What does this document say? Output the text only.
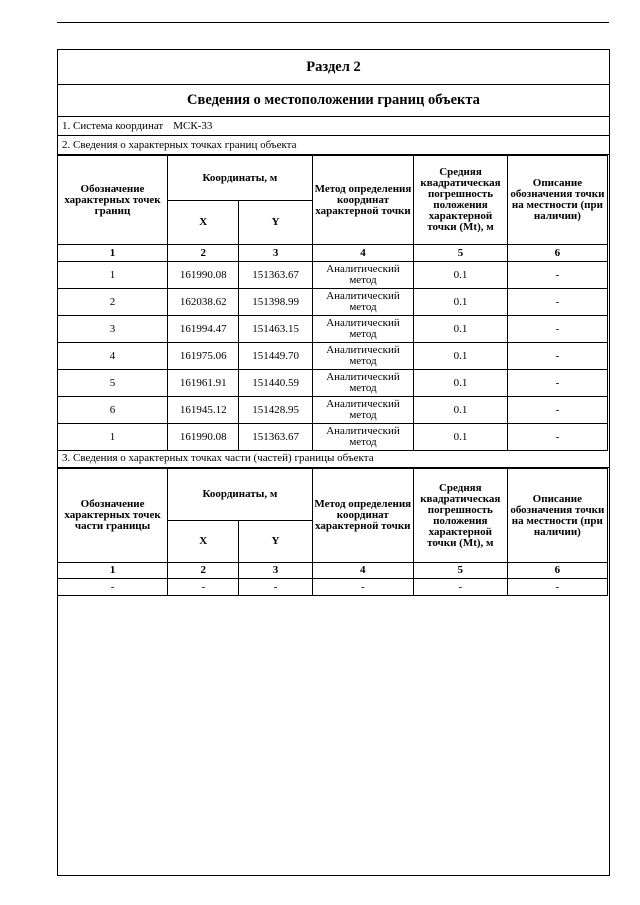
Раздел 2
Сведения о местоположении границ объекта
1. Система координат МСК-33
2. Сведения о характерных точках границ объекта
Обозначение характерных точек границ	Координаты, м		Метод определения координат характерной точки	Средняя квадратическая погрешность положения характерной точки (Mt), м	Описание обозначения точки на местности (при наличии)
	X	Y			
1	2	3	4	5	6
1	161990.08	151363.67	Аналитический метод	0.1	-
2	162038.62	151398.99	Аналитический метод	0.1	-
3	161994.47	151463.15	Аналитический метод	0.1	-
4	161975.06	151449.70	Аналитический метод	0.1	-
5	161961.91	151440.59	Аналитический метод	0.1	-
6	161945.12	151428.95	Аналитический метод	0.1	-
1	161990.08	151363.67	Аналитический метод	0.1	-
3. Сведения о характерных точках части (частей) границы объекта
Обозначение характерных точек части границы	Координаты, м		Метод определения координат характерной точки	Средняя квадратическая погрешность положения характерной точки (Mt), м	Описание обозначения точки на местности (при наличии)
	X	Y			
1	2	3	4	5	6
-	-	-	-	-	-
